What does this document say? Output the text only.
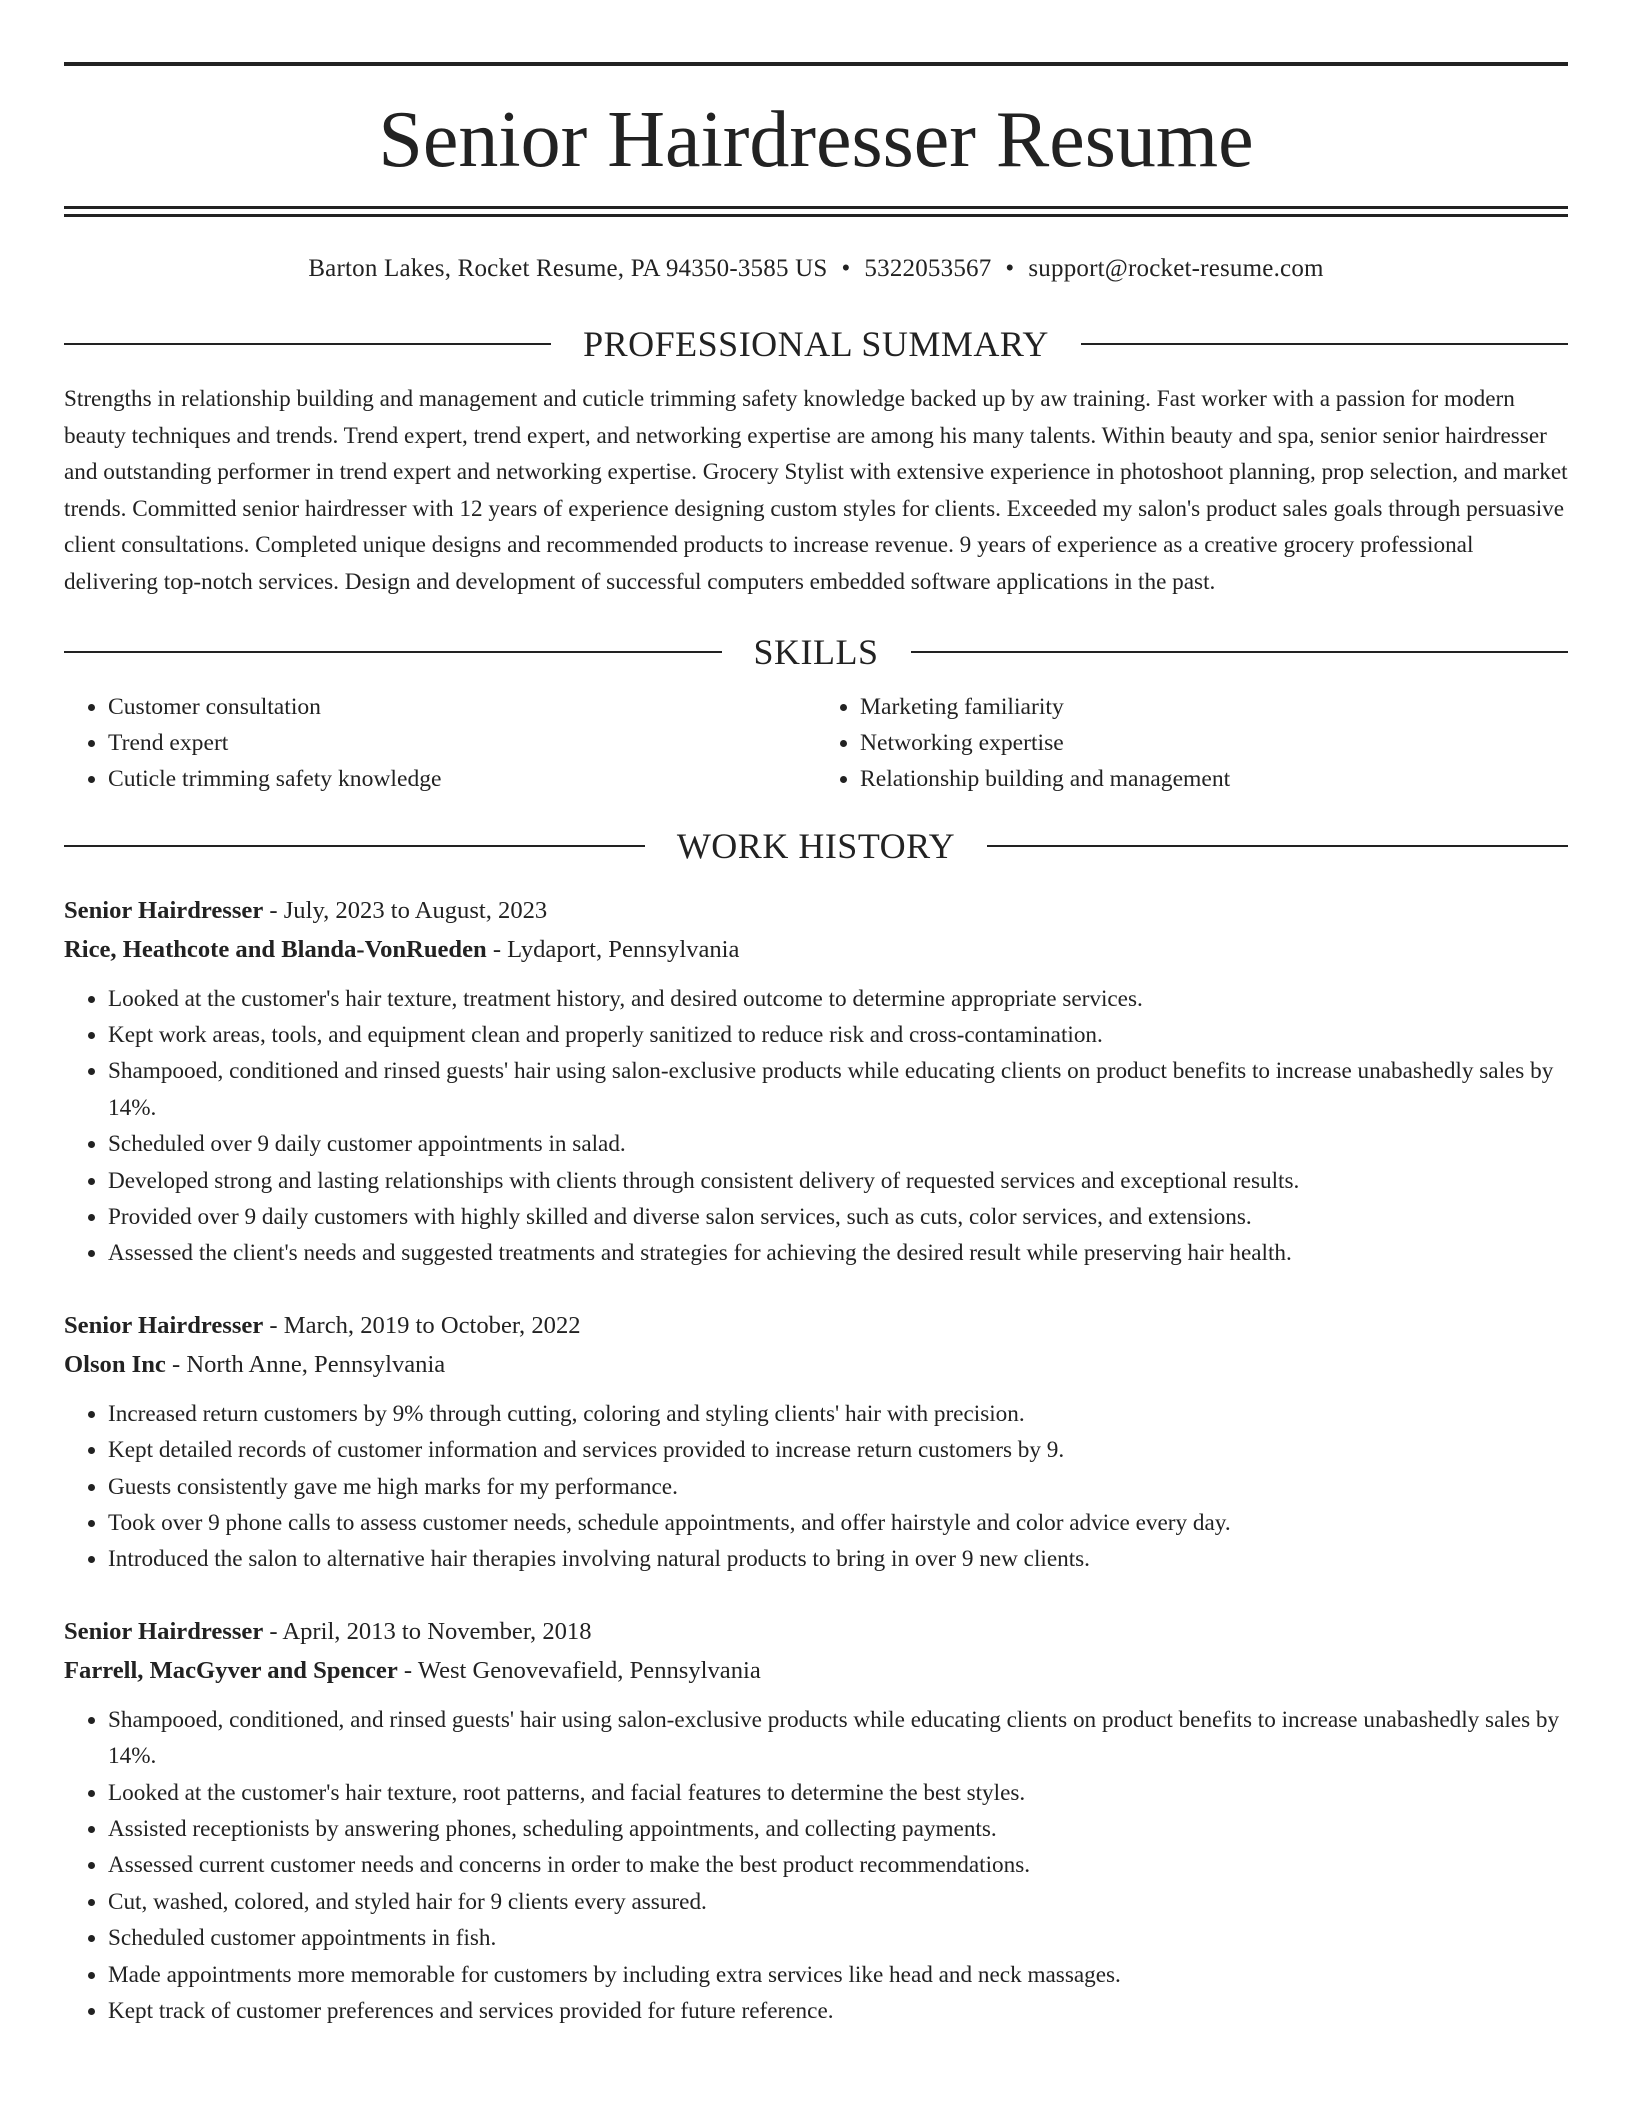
Senior Hairdresser Resume
Barton Lakes, Rocket Resume, PA 94350-3585 US • 5322053567 • support@rocket-resume.com
PROFESSIONAL SUMMARY
Strengths in relationship building and management and cuticle trimming safety knowledge backed up by aw training. Fast worker with a passion for modern beauty techniques and trends. Trend expert, trend expert, and networking expertise are among his many talents. Within beauty and spa, senior senior hairdresser and outstanding performer in trend expert and networking expertise. Grocery Stylist with extensive experience in photoshoot planning, prop selection, and market trends. Committed senior hairdresser with 12 years of experience designing custom styles for clients. Exceeded my salon's product sales goals through persuasive client consultations. Completed unique designs and recommended products to increase revenue. 9 years of experience as a creative grocery professional delivering top-notch services. Design and development of successful computers embedded software applications in the past.
SKILLS
• Customer consultation
• Trend expert
• Cuticle trimming safety knowledge
• Marketing familiarity
• Networking expertise
• Relationship building and management
WORK HISTORY
Senior Hairdresser - July, 2023 to August, 2023
Rice, Heathcote and Blanda-VonRueden - Lydaport, Pennsylvania
• Looked at the customer's hair texture, treatment history, and desired outcome to determine appropriate services.
• Kept work areas, tools, and equipment clean and properly sanitized to reduce risk and cross-contamination.
• Shampooed, conditioned and rinsed guests' hair using salon-exclusive products while educating clients on product benefits to increase unabashedly sales by 14%.
• Scheduled over 9 daily customer appointments in salad.
• Developed strong and lasting relationships with clients through consistent delivery of requested services and exceptional results.
• Provided over 9 daily customers with highly skilled and diverse salon services, such as cuts, color services, and extensions.
• Assessed the client's needs and suggested treatments and strategies for achieving the desired result while preserving hair health.
Senior Hairdresser - March, 2019 to October, 2022
Olson Inc - North Anne, Pennsylvania
• Increased return customers by 9% through cutting, coloring and styling clients' hair with precision.
• Kept detailed records of customer information and services provided to increase return customers by 9.
• Guests consistently gave me high marks for my performance.
• Took over 9 phone calls to assess customer needs, schedule appointments, and offer hairstyle and color advice every day.
• Introduced the salon to alternative hair therapies involving natural products to bring in over 9 new clients.
Senior Hairdresser - April, 2013 to November, 2018
Farrell, MacGyver and Spencer - West Genovevafield, Pennsylvania
• Shampooed, conditioned, and rinsed guests' hair using salon-exclusive products while educating clients on product benefits to increase unabashedly sales by 14%.
• Looked at the customer's hair texture, root patterns, and facial features to determine the best styles.
• Assisted receptionists by answering phones, scheduling appointments, and collecting payments.
• Assessed current customer needs and concerns in order to make the best product recommendations.
• Cut, washed, colored, and styled hair for 9 clients every assured.
• Scheduled customer appointments in fish.
• Made appointments more memorable for customers by including extra services like head and neck massages.
• Kept track of customer preferences and services provided for future reference.
